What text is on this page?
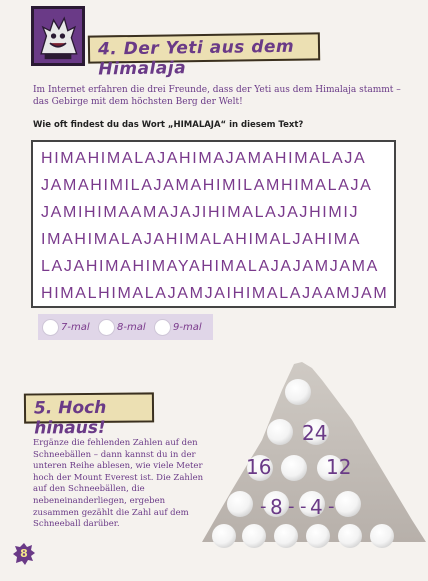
4. Der Yeti aus dem Himalaja
Im Internet erfahren die drei Freunde, dass der Yeti aus dem Himalaja stammt – das Gebirge mit dem höchsten Berg der Welt!
Wie oft findest du das Wort „HIMALAJA“ in diesem Text?
HIMAHIMALAJAHIMAJAMAHIMALAJA
JAMAHIMILAJAMAHIMILAMHIMALAJA
JAMIHIMAAMAJAJIHIMALAJAJHIMIJ
IMAHIMALAJAHIMALAHIMALJAHIMA
LAJAHIMAHIMAYAHIMALAJAJAMJAMA
HIMALHIMALAJAMJAIHIMALAJAAMJAM
7-mal	8-mal	9-mal
5. Hoch hinaus!
Ergänze die fehlenden Zahlen auf den Schneebällen – dann kannst du in der unteren Reihe ablesen, wie viele Meter hoch der Mount Everest ist. Die Zahlen auf den Schneebällen, die nebeneinanderliegen, ergeben zusammen gezählt die Zahl auf dem Schneeball darüber.
24
16	12
- 8 - - 4 -
8
